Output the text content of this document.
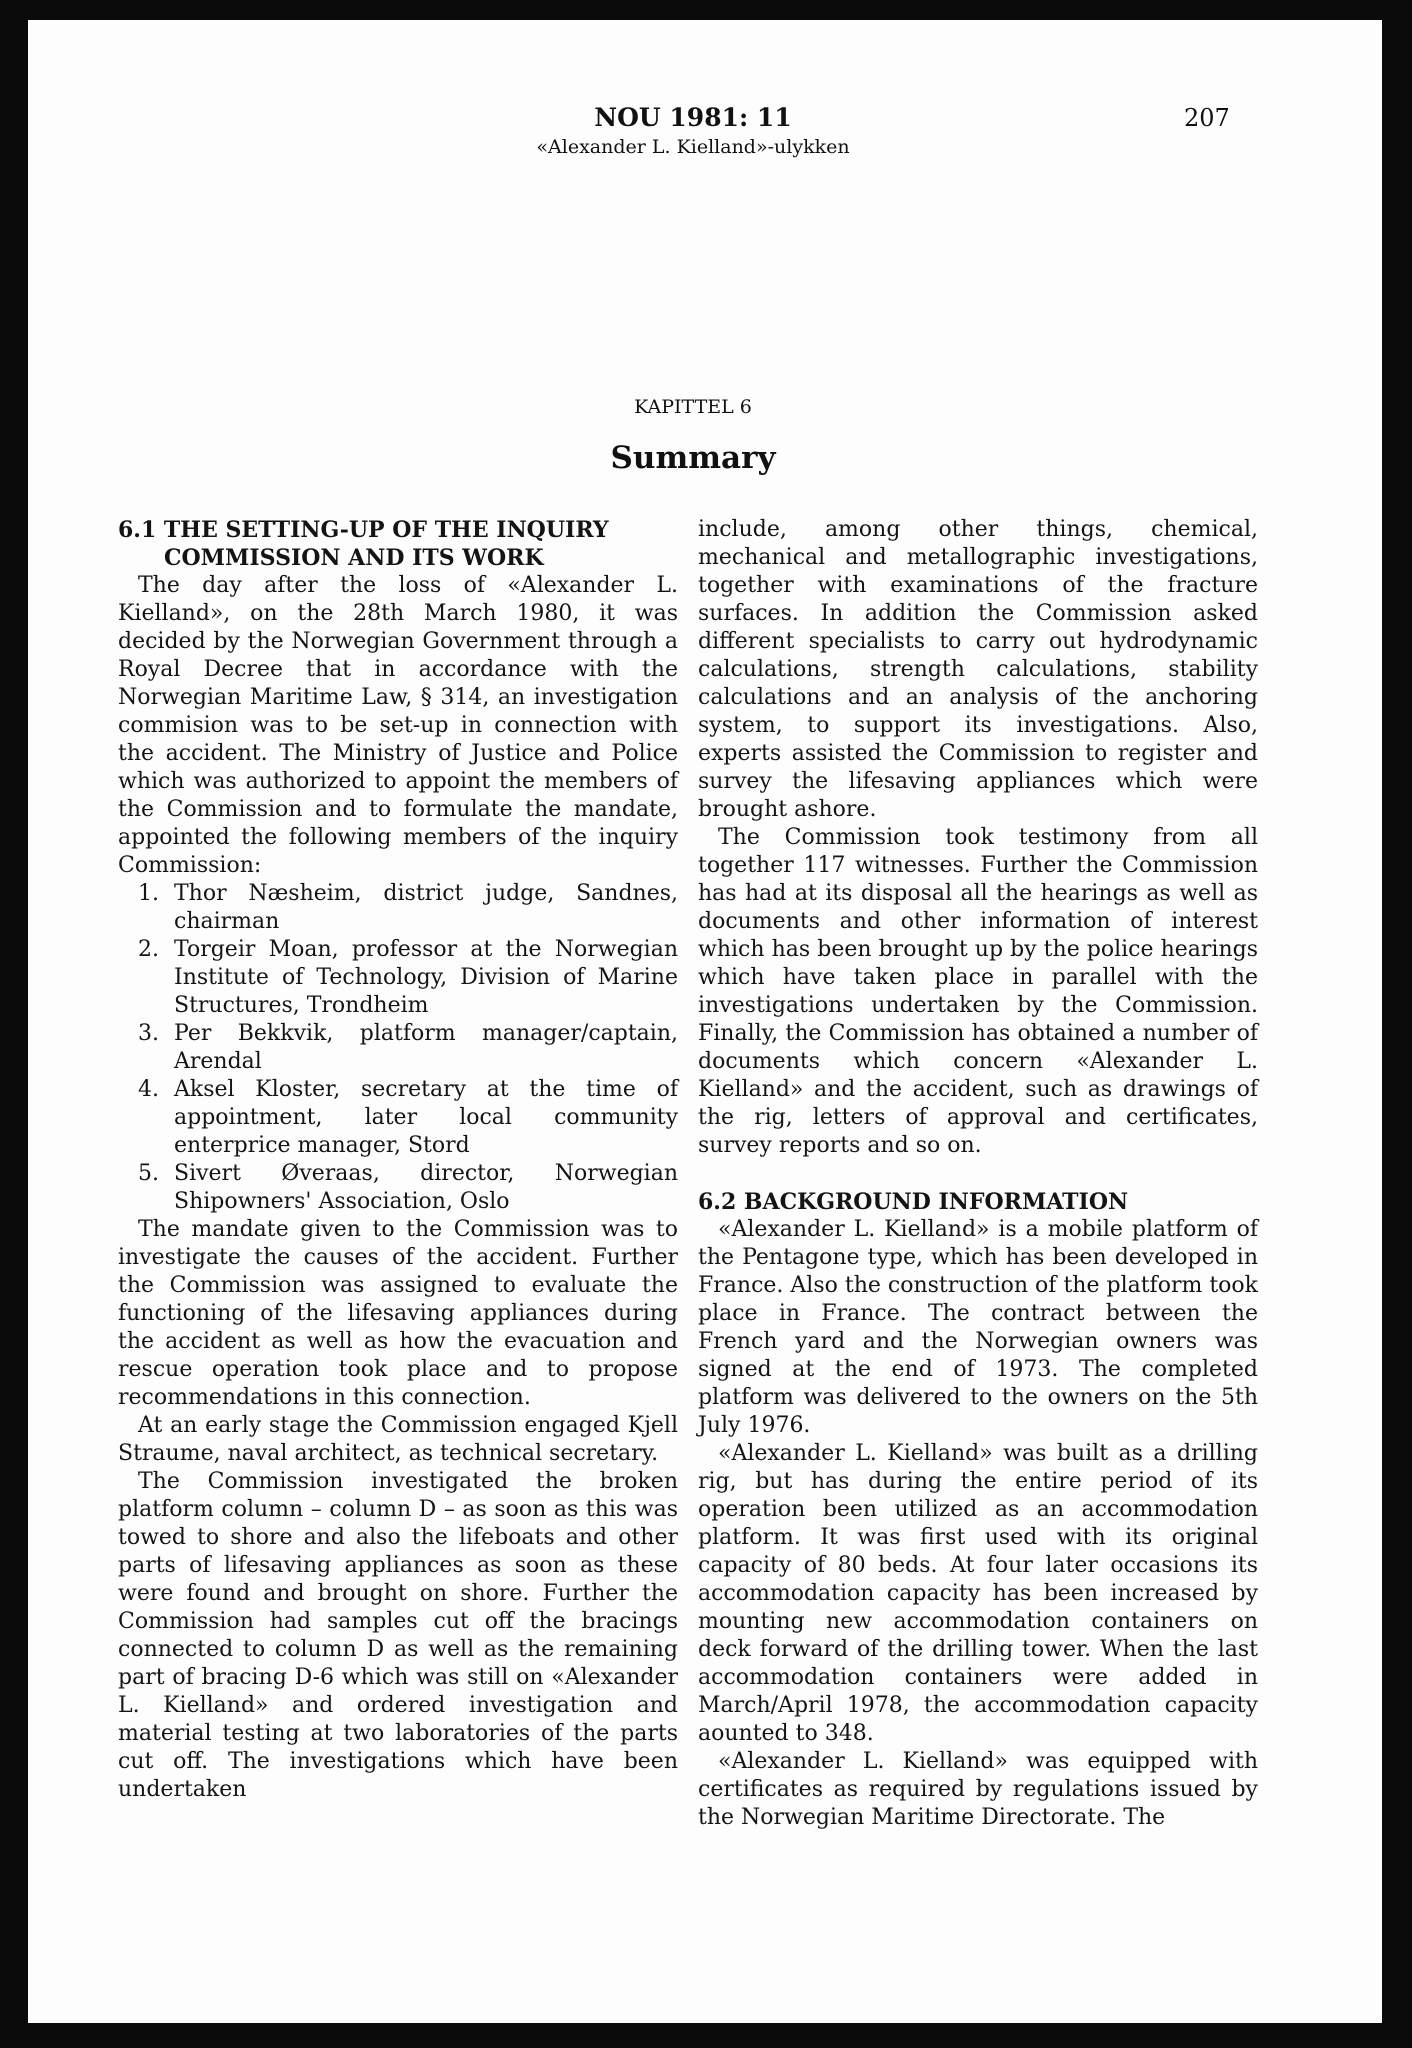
NOU 1981: 11
«Alexander L. Kielland»-ulykken
207
KAPITTEL 6
Summary

6.1 THE SETTING-UP OF THE INQUIRY
COMMISSION AND ITS WORK

The day after the loss of «Alexander L. Kielland», on the 28th March 1980, it was decided by the Norwegian Government through a Royal Decree that in accordance with the Norwegian Maritime Law, § 314, an investigation commision was to be set-up in connection with the accident. The Ministry of Justice and Police which was authorized to appoint the members of the Commission and to formulate the mandate, appointed the following members of the inquiry Commission:

1. Thor Næsheim, district judge, Sandnes, chairman
2. Torgeir Moan, professor at the Norwegian Institute of Technology, Division of Marine Structures, Trondheim
3. Per Bekkvik, platform manager/captain, Arendal
4. Aksel Kloster, secretary at the time of appointment, later local community enterprice manager, Stord
5. Sivert Øveraas, director, Norwegian Shipowners' Association, Oslo

The mandate given to the Commission was to investigate the causes of the accident. Further the Commission was assigned to evaluate the functioning of the lifesaving appliances during the accident as well as how the evacuation and rescue operation took place and to propose recommendations in this connection.

At an early stage the Commission engaged Kjell Straume, naval architect, as technical secretary.

The Commission investigated the broken platform column – column D – as soon as this was towed to shore and also the lifeboats and other parts of lifesaving appliances as soon as these were found and brought on shore. Further the Commission had samples cut off the bracings connected to column D as well as the remaining part of bracing D-6 which was still on «Alexander L. Kielland» and ordered investigation and material testing at two laboratories of the parts cut off. The investigations which have been undertaken

include, among other things, chemical, mechanical and metallographic investigations, together with examinations of the fracture surfaces. In addition the Commission asked different specialists to carry out hydrodynamic calculations, strength calculations, stability calculations and an analysis of the anchoring system, to support its investigations. Also, experts assisted the Commission to register and survey the lifesaving appliances which were brought ashore.

The Commission took testimony from all together 117 witnesses. Further the Commission has had at its disposal all the hearings as well as documents and other information of interest which has been brought up by the police hearings which have taken place in parallel with the investigations undertaken by the Commission. Finally, the Commission has obtained a number of documents which concern «Alexander L. Kielland» and the accident, such as drawings of the rig, letters of approval and certificates, survey reports and so on.

6.2 BACKGROUND INFORMATION

«Alexander L. Kielland» is a mobile platform of the Pentagone type, which has been developed in France. Also the construction of the platform took place in France. The contract between the French yard and the Norwegian owners was signed at the end of 1973. The completed platform was delivered to the owners on the 5th July 1976.

«Alexander L. Kielland» was built as a drilling rig, but has during the entire period of its operation been utilized as an accommodation platform. It was first used with its original capacity of 80 beds. At four later occasions its accommodation capacity has been increased by mounting new accommodation containers on deck forward of the drilling tower. When the last accommodation containers were added in March/April 1978, the accommodation capacity aounted to 348.

«Alexander L. Kielland» was equipped with certificates as required by regulations issued by the Norwegian Maritime Directorate. The
